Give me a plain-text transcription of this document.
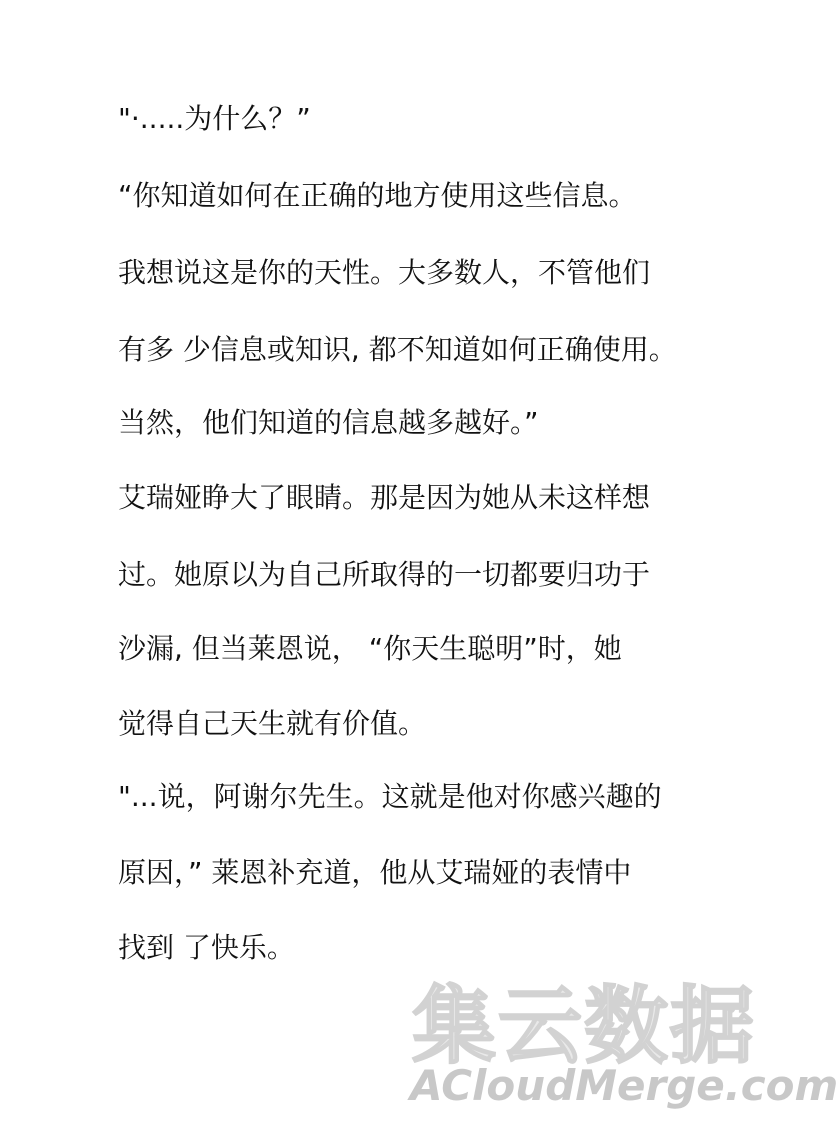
"·.....为什么？”
“你知道如何在正确的地方使用这些信息。
我想说这是你的天性。大多数人，不管他们
有多 少信息或知识, 都不知道如何正确使用。
当然，他们知道的信息越多越好。”
艾瑞娅睁大了眼睛。那是因为她从未这样想
过。她原以为自己所取得的一切都要归功于
沙漏, 但当莱恩说， “你天生聪明”时，她
觉得自己天生就有价值。
"...说，阿谢尔先生。这就是他对你感兴趣的
原因，” 莱恩补充道，他从艾瑞娅的表情中
找到 了快乐。
集云数据
ACloudMerge.com
